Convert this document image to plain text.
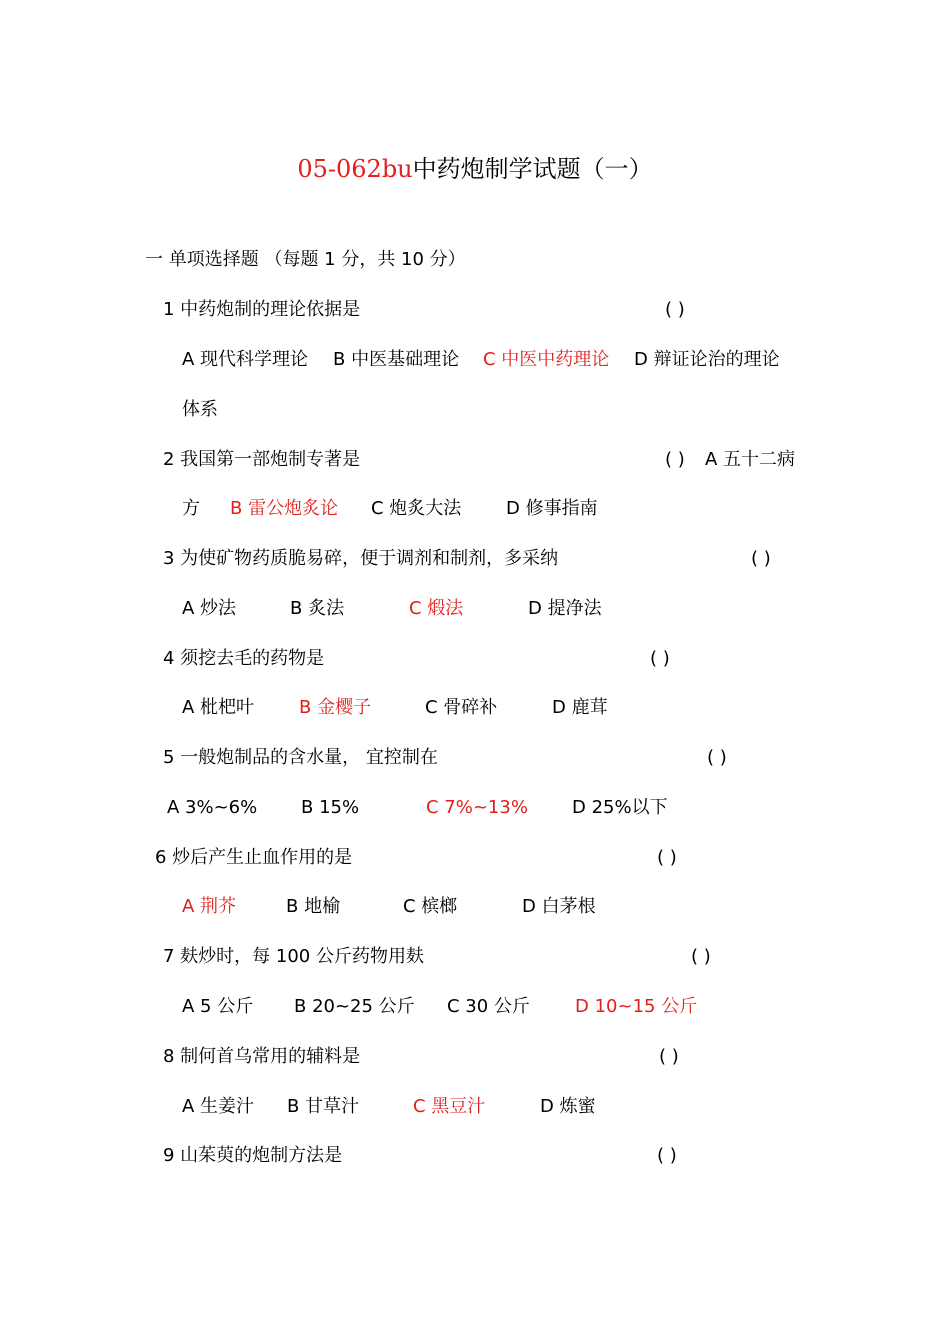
05-062bu中药炮制学试题（一）
一 单项选择题 （每题 1 分，共 10 分）
1 中药炮制的理论依据是	( )
A 现代科学理论 B 中医基础理论 C 中医中药理论 D 辩证论治的理论
体系
2 我国第一部炮制专著是	( ) A 五十二病
方 B 雷公炮炙论 C 炮炙大法 D 修事指南
3 为使矿物药质脆易碎，便于调剂和制剂，多采纳	( )
A 炒法	B 炙法	C 煅法	D 提净法
4 须挖去毛的药物是	( )
A 枇杷叶 B 金樱子	C 骨碎补	D 鹿茸
5 一般炮制品的含水量， 宜控制在	( )
A 3%~6% B 15%	C 7%~13% D 25%以下
6 炒后产生止血作用的是	( )
A 荆芥	B 地榆	C 槟榔	D 白茅根
7 麸炒时，每 100 公斤药物用麸	( )
A 5 公斤 B 20~25 公斤 C 30 公斤	D 10~15 公斤
8 制何首乌常用的辅料是	( )
A 生姜汁 B 甘草汁	C 黑豆汁	D 炼蜜
9 山茱萸的炮制方法是	( )
